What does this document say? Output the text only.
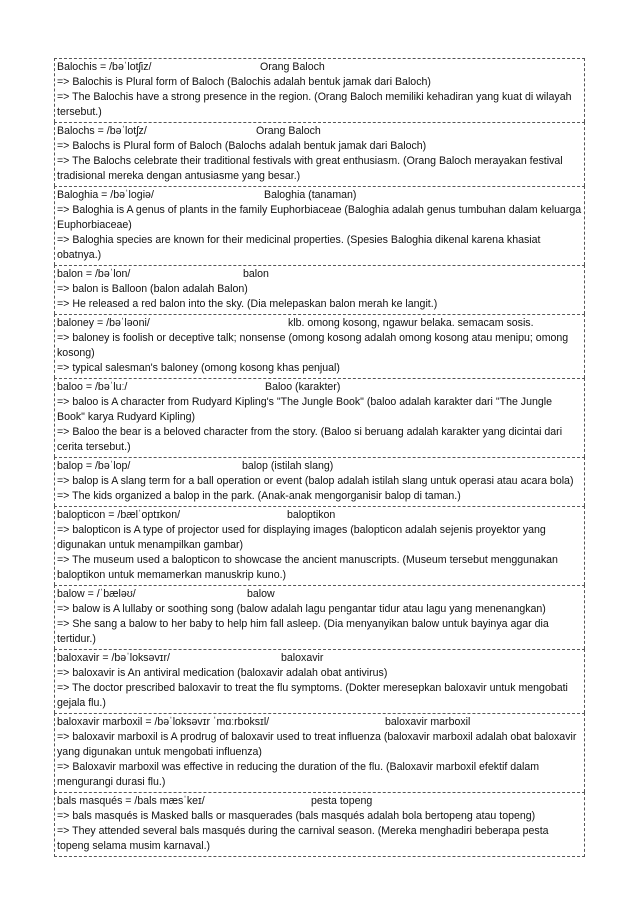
Balochis = /bəˈlotʃiz/	Orang Baloch
=> Balochis is Plural form of Baloch (Balochis adalah bentuk jamak dari Baloch)
=> The Balochis have a strong presence in the region. (Orang Baloch memiliki kehadiran yang kuat di wilayah tersebut.)
Balochs = /bəˈlotʃz/	Orang Baloch
=> Balochs is Plural form of Baloch (Balochs adalah bentuk jamak dari Baloch)
=> The Balochs celebrate their traditional festivals with great enthusiasm. (Orang Baloch merayakan festival tradisional mereka dengan antusiasme yang besar.)
Baloghia = /bəˈlogiə/	Baloghia (tanaman)
=> Baloghia is A genus of plants in the family Euphorbiaceae (Baloghia adalah genus tumbuhan dalam keluarga Euphorbiaceae)
=> Baloghia species are known for their medicinal properties. (Spesies Baloghia dikenal karena khasiat obatnya.)
balon = /bəˈlon/	balon
=> balon is Balloon (balon adalah Balon)
=> He released a red balon into the sky. (Dia melepaskan balon merah ke langit.)
baloney = /bəˈləoni/	klb. omong kosong, ngawur belaka. semacam sosis.
=> baloney is foolish or deceptive talk; nonsense (omong kosong adalah omong kosong atau menipu; omong kosong)
=> typical salesman's baloney (omong kosong khas penjual)
baloo = /bəˈluː/	Baloo (karakter)
=> baloo is A character from Rudyard Kipling's "The Jungle Book" (baloo adalah karakter dari "The Jungle Book" karya Rudyard Kipling)
=> Baloo the bear is a beloved character from the story. (Baloo si beruang adalah karakter yang dicintai dari cerita tersebut.)
balop = /bəˈlop/	balop (istilah slang)
=> balop is A slang term for a ball operation or event (balop adalah istilah slang untuk operasi atau acara bola)
=> The kids organized a balop in the park. (Anak-anak mengorganisir balop di taman.)
balopticon = /bælˈoptɪkon/	baloptikon
=> balopticon is A type of projector used for displaying images (balopticon adalah sejenis proyektor yang digunakan untuk menampilkan gambar)
=> The museum used a balopticon to showcase the ancient manuscripts. (Museum tersebut menggunakan baloptikon untuk memamerkan manuskrip kuno.)
balow = /ˈbæləʊ/	balow
=> balow is A lullaby or soothing song (balow adalah lagu pengantar tidur atau lagu yang menenangkan)
=> She sang a balow to her baby to help him fall asleep. (Dia menyanyikan balow untuk bayinya agar dia tertidur.)
baloxavir = /bəˈloksəvɪr/	baloxavir
=> baloxavir is An antiviral medication (baloxavir adalah obat antivirus)
=> The doctor prescribed baloxavir to treat the flu symptoms. (Dokter meresepkan baloxavir untuk mengobati gejala flu.)
baloxavir marboxil = /bəˈloksəvɪr ˈmɑːrboksɪl/	baloxavir marboxil
=> baloxavir marboxil is A prodrug of baloxavir used to treat influenza (baloxavir marboxil adalah obat baloxavir yang digunakan untuk mengobati influenza)
=> Baloxavir marboxil was effective in reducing the duration of the flu. (Baloxavir marboxil efektif dalam mengurangi durasi flu.)
bals masqués = /bals mæsˈkeɪ/	pesta topeng
=> bals masqués is Masked balls or masquerades (bals masqués adalah bola bertopeng atau topeng)
=> They attended several bals masqués during the carnival season. (Mereka menghadiri beberapa pesta topeng selama musim karnaval.)
